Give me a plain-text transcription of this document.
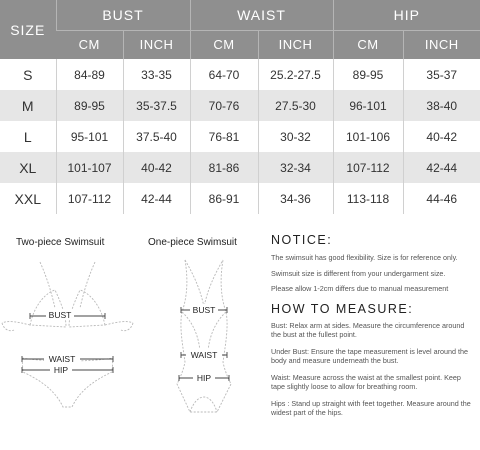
SIZE	BUST		WAIST		HIP	
	CM	INCH	CM	INCH	CM	INCH
S	84-89	33-35	64-70	25.2-27.5	89-95	35-37
M	89-95	35-37.5	70-76	27.5-30	96-101	38-40
L	95-101	37.5-40	76-81	30-32	101-106	40-42
XL	101-107	40-42	81-86	32-34	107-112	42-44
XXL	107-112	42-44	86-91	34-36	113-118	44-46
Two-piece Swimsuit	One-piece Swimsuit
BUST
WAIST
HIP
BUST
WAIST
HIP
NOTICE:

The swimsuit has good flexibility. Size is for reference only.

Swimsuit size is different from your undergarment size.

Please allow 1-2cm differs due to manual measurement

HOW TO MEASURE:

Bust: Relax arm at sides. Measure the circumference around the bust at the fullest point.

Under Bust: Ensure the tape measurement is level around the body and measure underneath the bust.

Waist: Measure across the waist at the smallest point. Keep tape slightly loose to allow for breathing room.

Hips : Stand up straight with feet together. Measure around the widest part of the hips.
